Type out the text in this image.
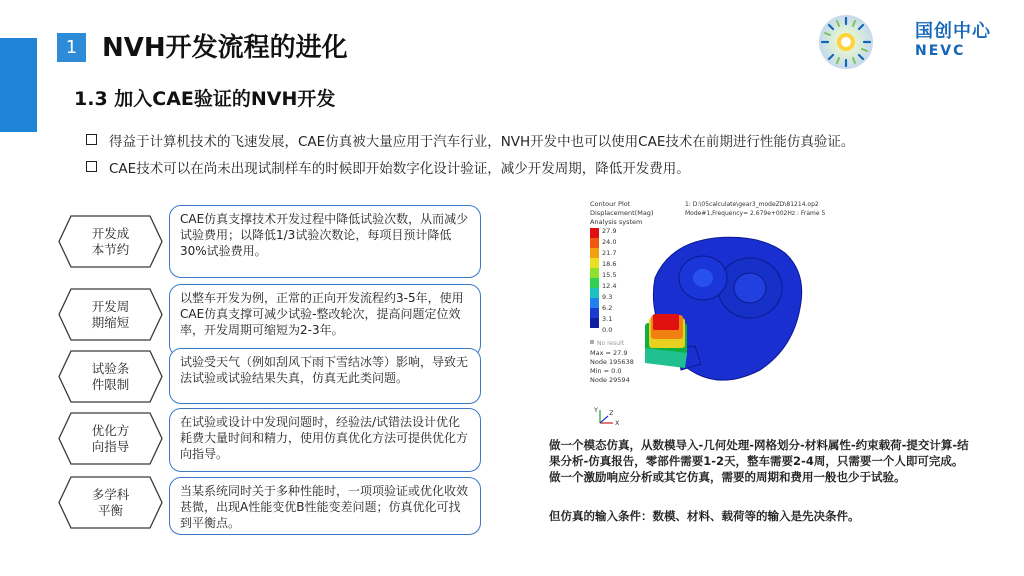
1 NVH开发流程的进化
国创中心
NEVC
1.3 加入CAE验证的NVH开发
得益于计算机技术的飞速发展，CAE仿真被大量应用于汽车行业，NVH开发中也可以使用CAE技术在前期进行性能仿真验证。
CAE技术可以在尚未出现试制样车的时候即开始数字化设计验证，减少开发周期，降低开发费用。
开发成
本节约
CAE仿真支撑技术开发过程中降低试验次数，从而减少试验费用；以降低1/3试验次数论，每项目预计降低30%试验费用。
开发周
期缩短
以整车开发为例，正常的正向开发流程约3-5年，使用CAE仿真支撑可减少试验-整改轮次，提高问题定位效率，开发周期可缩短为2-3年。
试验条
件限制
试验受天气（例如刮风下雨下雪结冰等）影响，导致无法试验或试验结果失真，仿真无此类问题。
优化方
向指导
在试验或设计中发现问题时，经验法/试错法设计优化耗费大量时间和精力，使用仿真优化方法可提供优化方向指导。
多学科
平衡
当某系统同时关于多种性能时，一项项验证或优化收效甚微，出现A性能变优B性能变差问题；仿真优化可找到平衡点。
Contour Plot
Displacement(Mag)
Analysis system
1: D:\05calculate\gear3_modeZD\81214.op2
Mode#1,Frequency= 2.679e+002Hz : Frame 5
27.9
24.0
21.7
18.6
15.5
12.4
9.3
6.2
3.1
0.0
No result
Max = 27.9
Node 195638
Min = 0.0
Node 29594
Y
X
Z
做一个模态仿真，从数模导入-几何处理-网格划分-材料属性-约束载荷-提交计算-结果分析-仿真报告，零部件需要1-2天，整车需要2-4周，只需要一个人即可完成。做一个激励响应分析或其它仿真，需要的周期和费用一般也少于试验。
但仿真的输入条件：数模、材料、载荷等的输入是先决条件。
